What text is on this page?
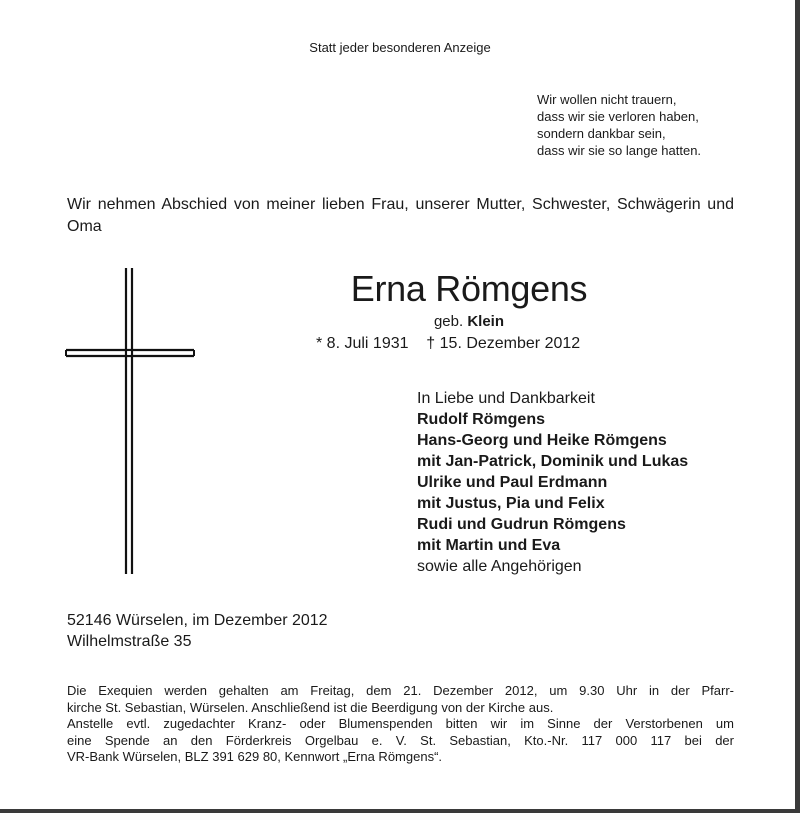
Statt jeder besonderen Anzeige
Wir wollen nicht trauern,
dass wir sie verloren haben,
sondern dankbar sein,
dass wir sie so lange hatten.
Wir nehmen Abschied von meiner lieben Frau, unserer Mutter, Schwester, Schwägerin und Oma
Erna Römgens
geb. Klein
* 8. Juli 1931 † 15. Dezember 2012
In Liebe und Dankbarkeit
Rudolf Römgens
Hans-Georg und Heike Römgens
mit Jan-Patrick, Dominik und Lukas
Ulrike und Paul Erdmann
mit Justus, Pia und Felix
Rudi und Gudrun Römgens
mit Martin und Eva
sowie alle Angehörigen
52146 Würselen, im Dezember 2012
Wilhelmstraße 35

Die Exequien werden gehalten am Freitag, dem 21. Dezember 2012, um 9.30 Uhr in der Pfarr-

kirche St. Sebastian, Würselen. Anschließend ist die Beerdigung von der Kirche aus.

Anstelle evtl. zugedachter Kranz- oder Blumenspenden bitten wir im Sinne der Verstorbenen um

eine Spende an den Förderkreis Orgelbau e. V. St. Sebastian, Kto.-Nr. 117 000 117 bei der

VR-Bank Würselen, BLZ 391 629 80, Kennwort „Erna Römgens“.
